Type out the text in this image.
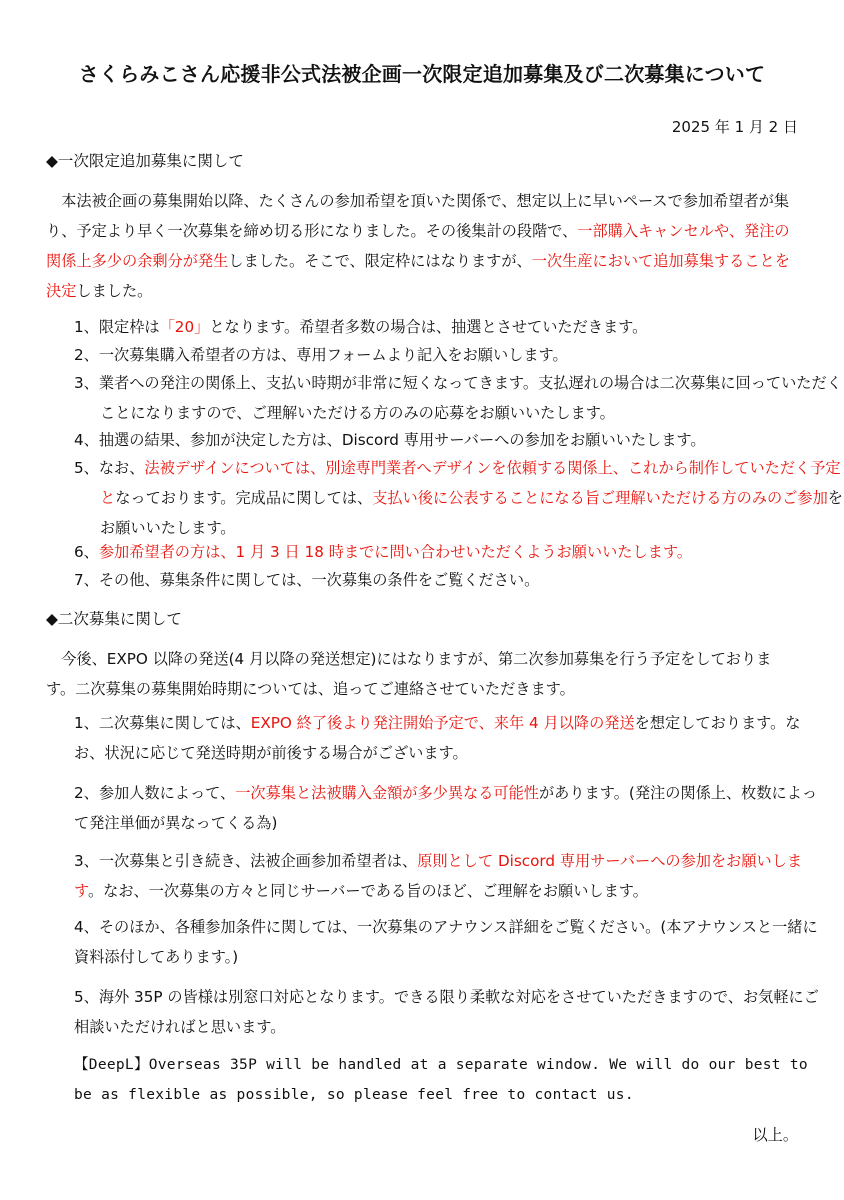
さくらみこさん応援非公式法被企画一次限定追加募集及び二次募集について
2025 年 1 月 2 日
◆一次限定追加募集に関して
本法被企画の募集開始以降、たくさんの参加希望を頂いた関係で、想定以上に早いペースで参加希望者が集り、予定より早く一次募集を締め切る形になりました。その後集計の段階で、一部購入キャンセルや、発注の関係上多少の余剰分が発生しました。そこで、限定枠にはなりますが、一次生産において追加募集することを決定しました。
1、限定枠は「20」となります。希望者多数の場合は、抽選とさせていただきます。
2、一次募集購入希望者の方は、専用フォームより記入をお願いします。
3、業者への発注の関係上、支払い時期が非常に短くなってきます。支払遅れの場合は二次募集に回っていただくことになりますので、ご理解いただける方のみの応募をお願いいたします。
4、抽選の結果、参加が決定した方は、Discord 専用サーバーへの参加をお願いいたします。
5、なお、法被デザインについては、別途専門業者へデザインを依頼する関係上、これから制作していただく予定となっております。完成品に関しては、支払い後に公表することになる旨ご理解いただける方のみのご参加をお願いいたします。
6、参加希望者の方は、1 月 3 日 18 時までに問い合わせいただくようお願いいたします。
7、その他、募集条件に関しては、一次募集の条件をご覧ください。
◆二次募集に関して
今後、EXPO 以降の発送(4 月以降の発送想定)にはなりますが、第二次参加募集を行う予定をしております。二次募集の募集開始時期については、追ってご連絡させていただきます。
1、二次募集に関しては、EXPO 終了後より発注開始予定で、来年 4 月以降の発送を想定しております。なお、状況に応じて発送時期が前後する場合がございます。
2、参加人数によって、一次募集と法被購入金額が多少異なる可能性があります。(発注の関係上、枚数によって発注単価が異なってくる為)
3、一次募集と引き続き、法被企画参加希望者は、原則として Discord 専用サーバーへの参加をお願いします。なお、一次募集の方々と同じサーバーである旨のほど、ご理解をお願いします。
4、そのほか、各種参加条件に関しては、一次募集のアナウンス詳細をご覧ください。(本アナウンスと一緒に資料添付してあります。)
5、海外 35P の皆様は別窓口対応となります。できる限り柔軟な対応をさせていただきますので、お気軽にご相談いただければと思います。
【DeepL】Overseas 35P will be handled at a separate window. We will do our best to be as flexible as possible, so please feel free to contact us.
以上。
